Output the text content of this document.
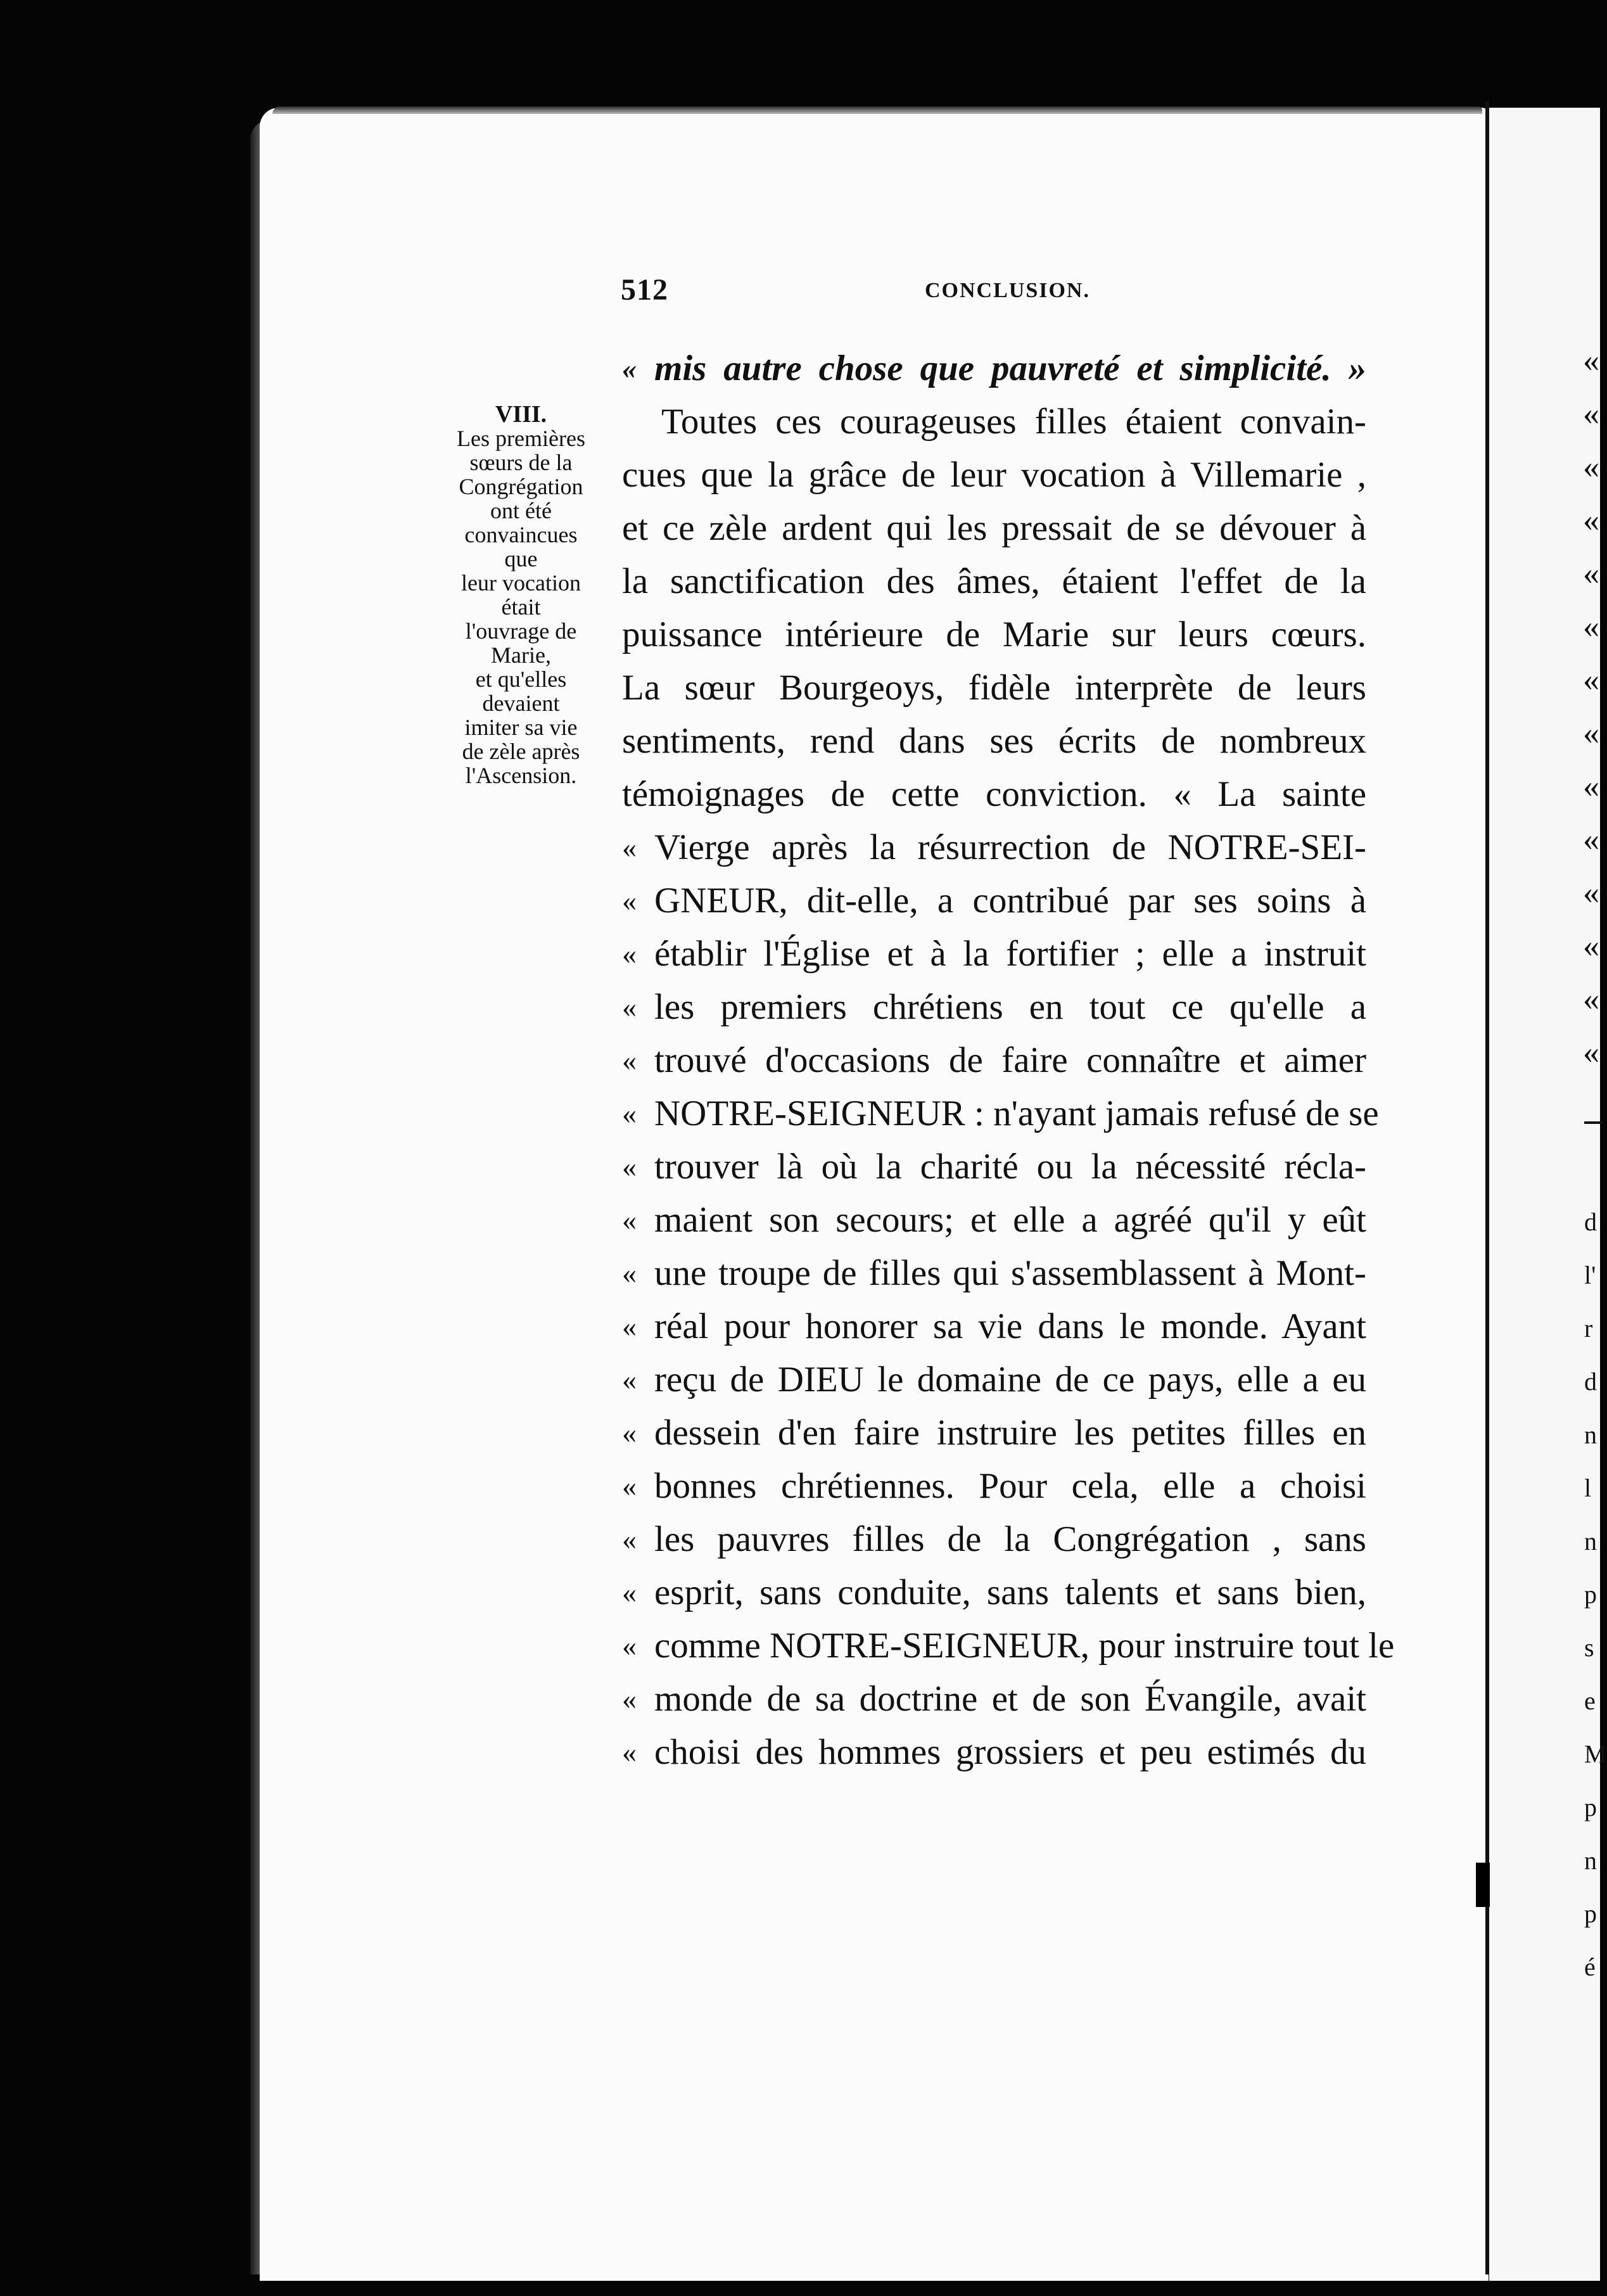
512	CONCLUSION.
VIII.
Les premières
sœurs de la
Congrégation
ont été
convaincues
que
leur vocation
était
l'ouvrage de
Marie,
et qu'elles
devaient
imiter sa vie
de zèle après
l'Ascension.
« mis autre chose que pauvreté et simplicité. »
Toutes ces courageuses filles étaient convain-
cues que la grâce de leur vocation à Villemarie ,
et ce zèle ardent qui les pressait de se dévouer à
la sanctification des âmes, étaient l'effet de la
puissance intérieure de Marie sur leurs cœurs.
La sœur Bourgeoys, fidèle interprète de leurs
sentiments, rend dans ses écrits de nombreux
témoignages de cette conviction. « La sainte
« Vierge après la résurrection de NOTRE-SEI-
« GNEUR, dit-elle, a contribué par ses soins à
« établir l'Église et à la fortifier ; elle a instruit
« les premiers chrétiens en tout ce qu'elle a
« trouvé d'occasions de faire connaître et aimer
« NOTRE-SEIGNEUR : n'ayant jamais refusé de se
« trouver là où la charité ou la nécessité récla-
« maient son secours; et elle a agréé qu'il y eût
« une troupe de filles qui s'assemblassent à Mont-
« réal pour honorer sa vie dans le monde. Ayant
« reçu de DIEU le domaine de ce pays, elle a eu
« dessein d'en faire instruire les petites filles en
« bonnes chrétiennes. Pour cela, elle a choisi
« les pauvres filles de la Congrégation , sans
« esprit, sans conduite, sans talents et sans bien,
« comme NOTRE-SEIGNEUR, pour instruire tout le
« monde de sa doctrine et de son Évangile, avait
« choisi des hommes grossiers et peu estimés du
«
«
«
«
«
«
«
«
«
«
«
«
«
«
d
l'
r
d
n
l
n
p
s
e
M
p
n
p
é
